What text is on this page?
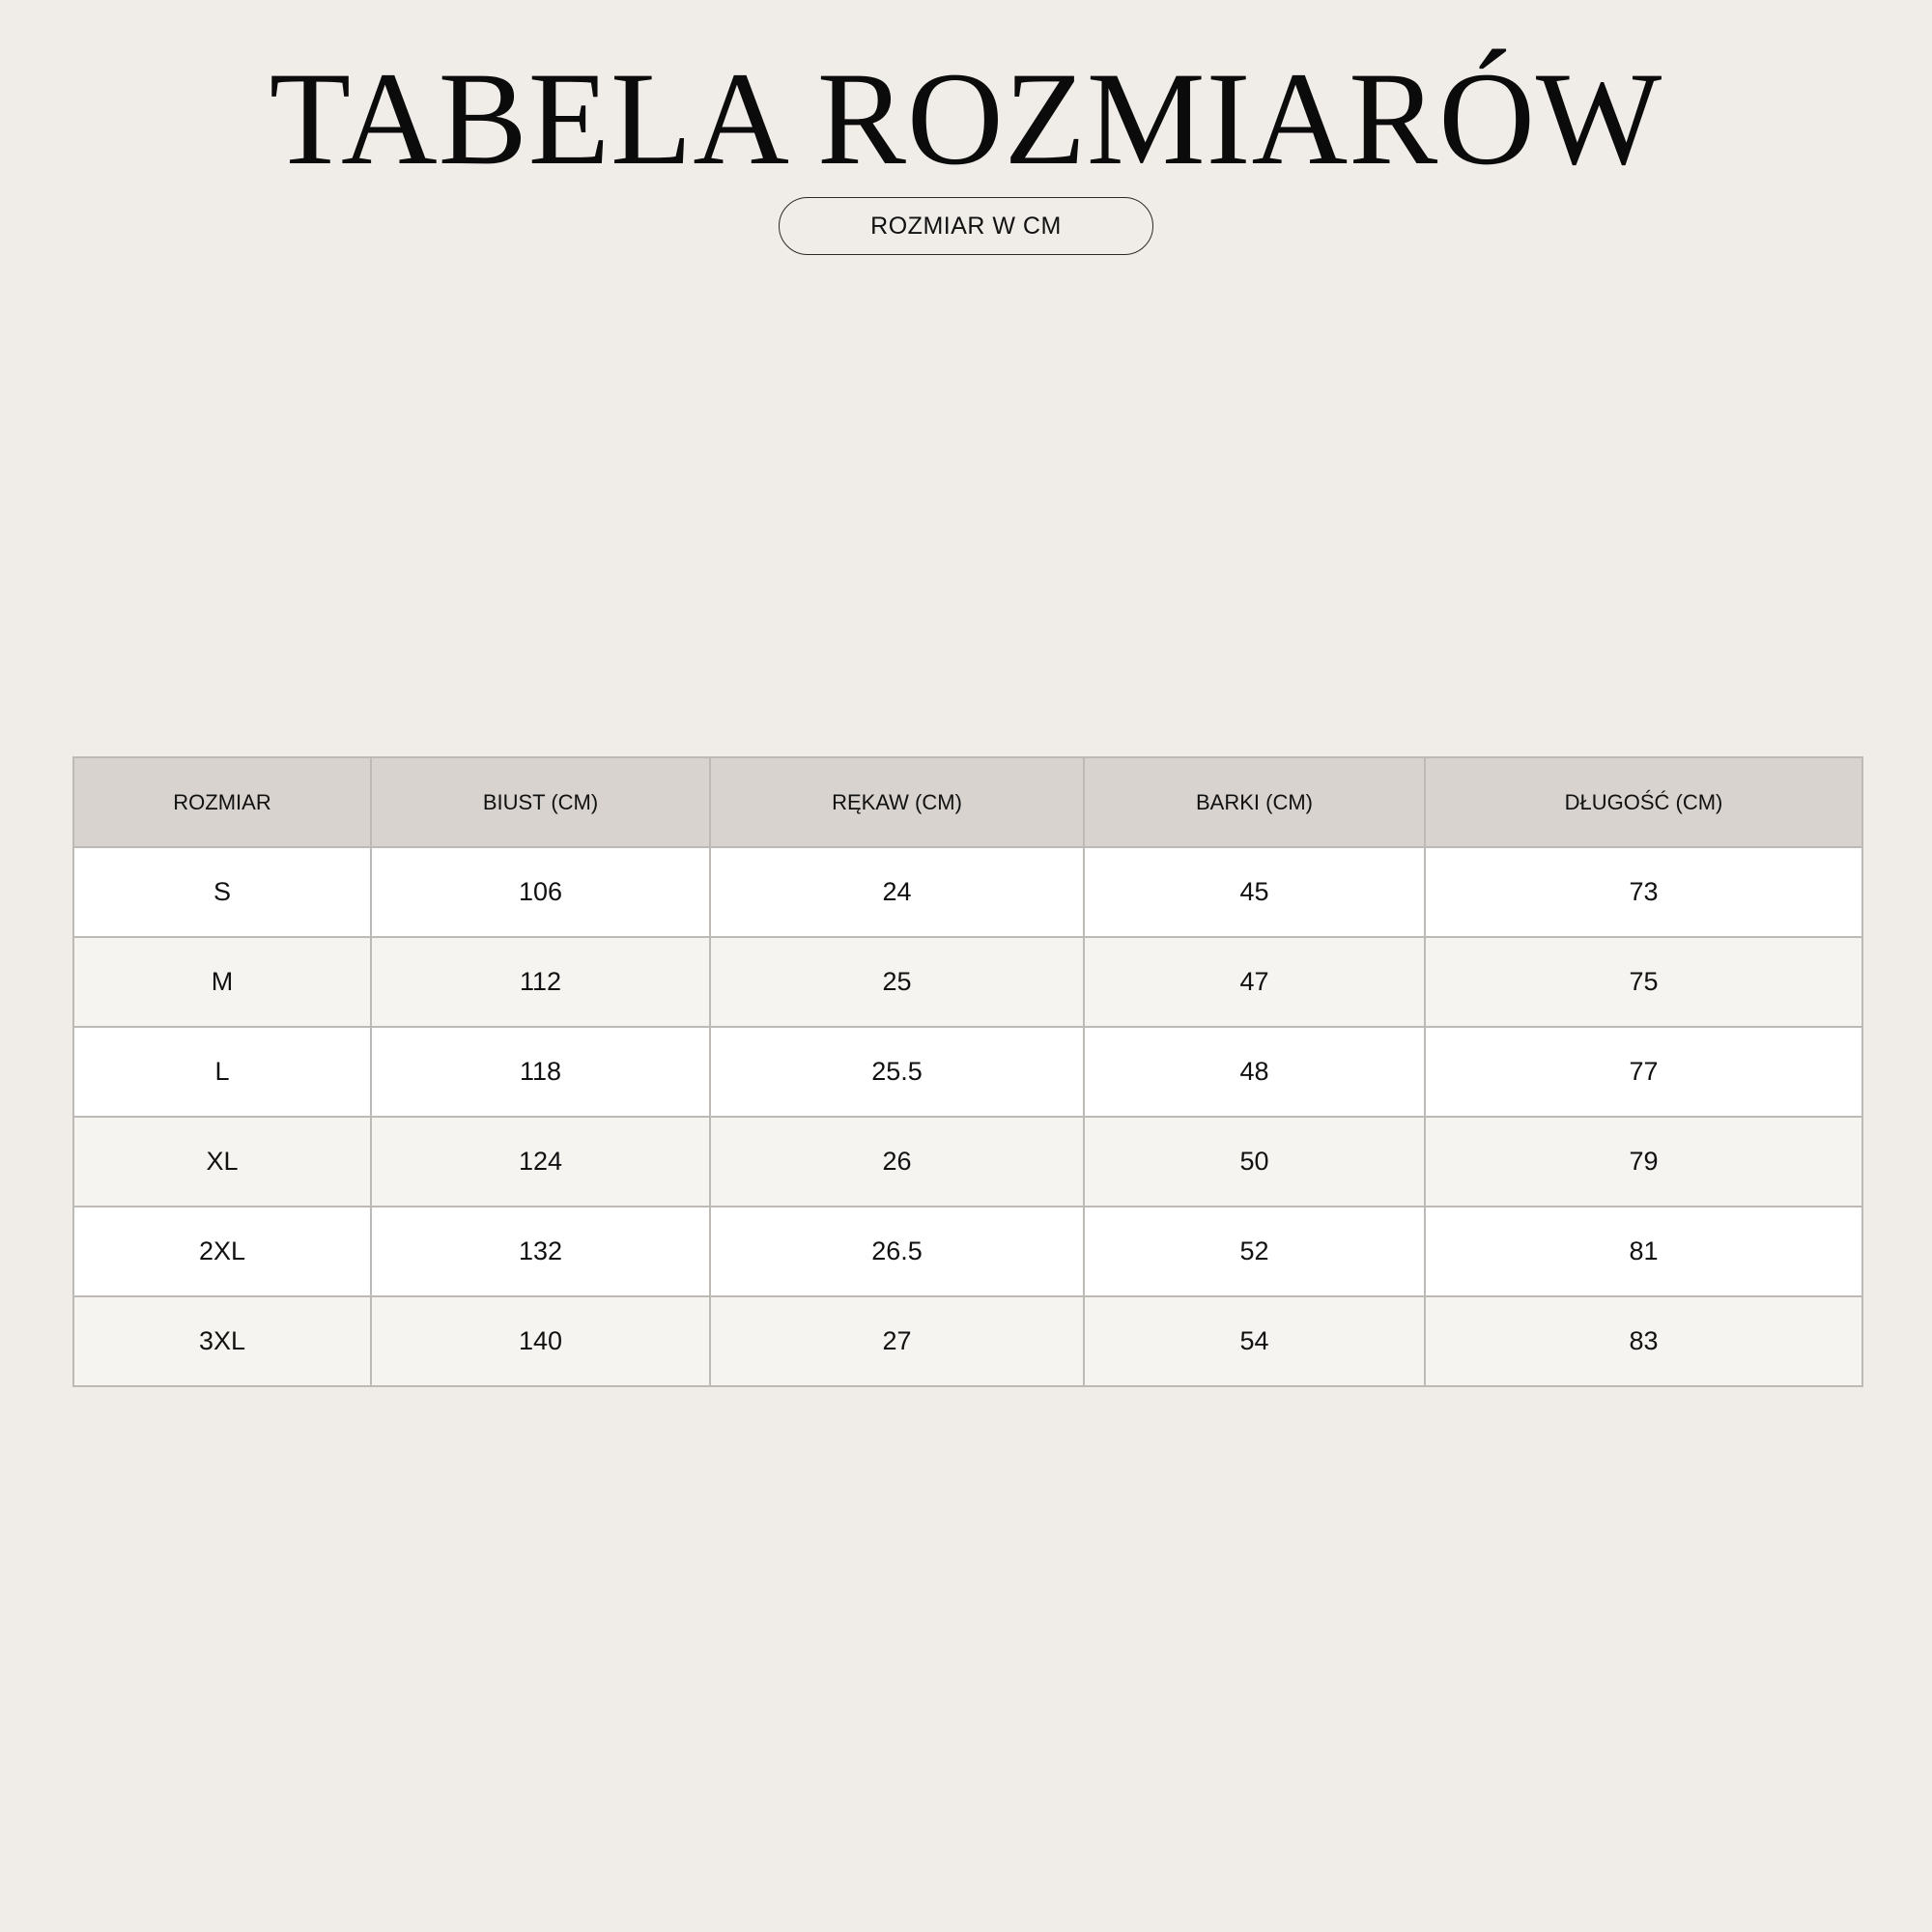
TABELA ROZMIARÓW
ROZMIAR W CM
ROZMIAR	BIUST (CM)	RĘKAW (CM)	BARKI (CM)	DŁUGOŚĆ (CM)
S	106	24	45	73
M	112	25	47	75
L	118	25.5	48	77
XL	124	26	50	79
2XL	132	26.5	52	81
3XL	140	27	54	83
